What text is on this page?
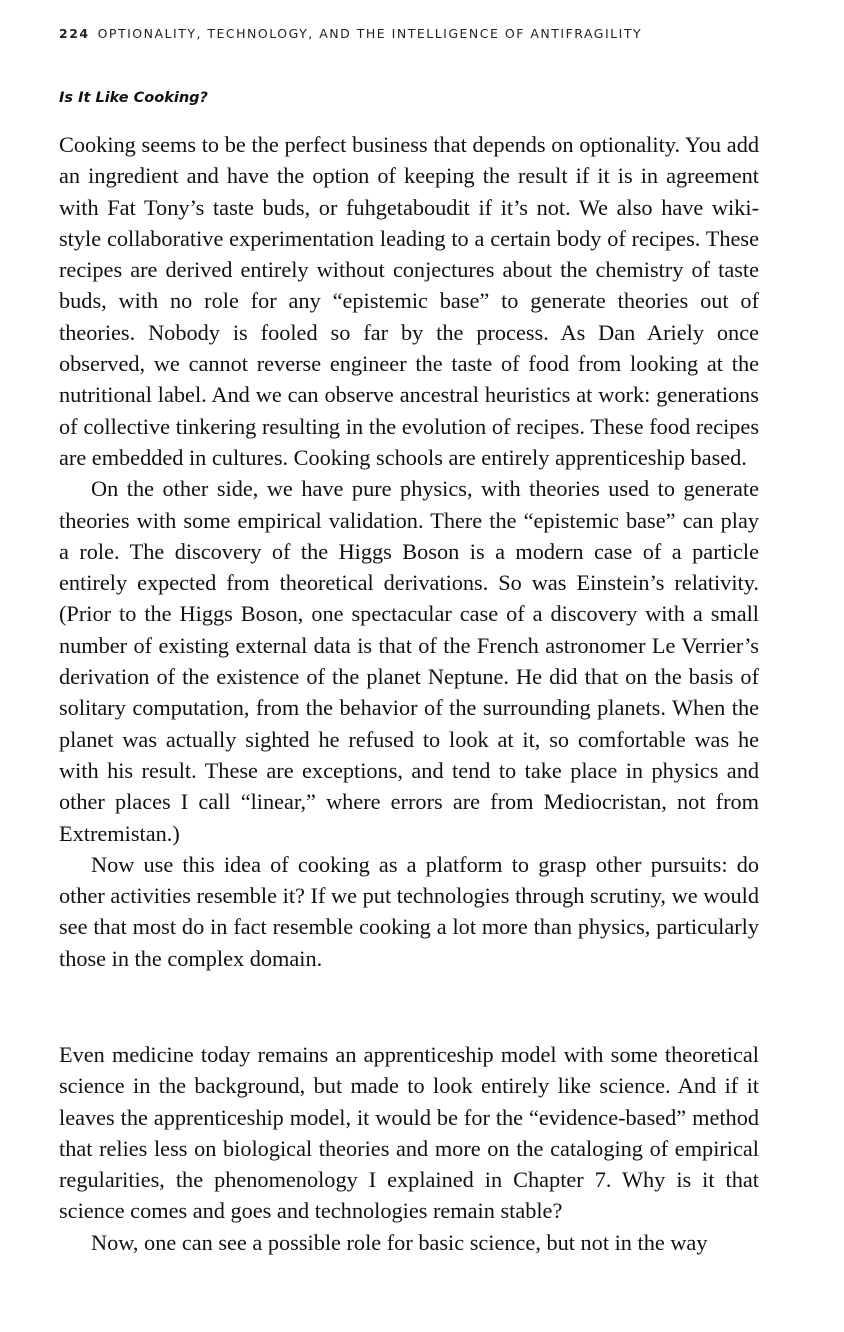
224 OPTIONALITY, TECHNOLOGY, AND THE INTELLIGENCE OF ANTIFRAGILITY
Is It Like Cooking?

Cooking seems to be the perfect business that depends on optionality. You add an ingredient and have the option of keeping the result if it is in agreement with Fat Tony’s taste buds, or fuhgetaboudit if it’s not. We also have wiki-style collaborative experimentation leading to a certain body of recipes. These recipes are derived entirely without conjectures about the chemistry of taste buds, with no role for any “epistemic base” to generate theories out of theories. Nobody is fooled so far by the process. As Dan Ariely once observed, we cannot reverse engineer the taste of food from looking at the nutritional label. And we can observe ancestral heuristics at work: generations of collective tinkering resulting in the evolution of recipes. These food recipes are embedded in cultures. Cooking schools are entirely apprenticeship based.

On the other side, we have pure physics, with theories used to generate theories with some empirical validation. There the “epistemic base” can play a role. The discovery of the Higgs Boson is a modern case of a particle entirely expected from theoretical derivations. So was Einstein’s relativity. (Prior to the Higgs Boson, one spectacular case of a discovery with a small number of existing external data is that of the French astronomer Le Verrier’s derivation of the existence of the planet Neptune. He did that on the basis of solitary computation, from the behavior of the surrounding planets. When the planet was actually sighted he refused to look at it, so comfortable was he with his result. These are exceptions, and tend to take place in physics and other places I call “linear,” where errors are from Mediocristan, not from Extremistan.)

Now use this idea of cooking as a platform to grasp other pursuits: do other activities resemble it? If we put technologies through scrutiny, we would see that most do in fact resemble cooking a lot more than physics, particularly those in the complex domain.

Even medicine today remains an apprenticeship model with some theoretical science in the background, but made to look entirely like science. And if it leaves the apprenticeship model, it would be for the “evidence-based” method that relies less on biological theories and more on the cataloging of empirical regularities, the phenomenology I explained in Chapter 7. Why is it that science comes and goes and technologies remain stable?

Now, one can see a possible role for basic science, but not in the way
